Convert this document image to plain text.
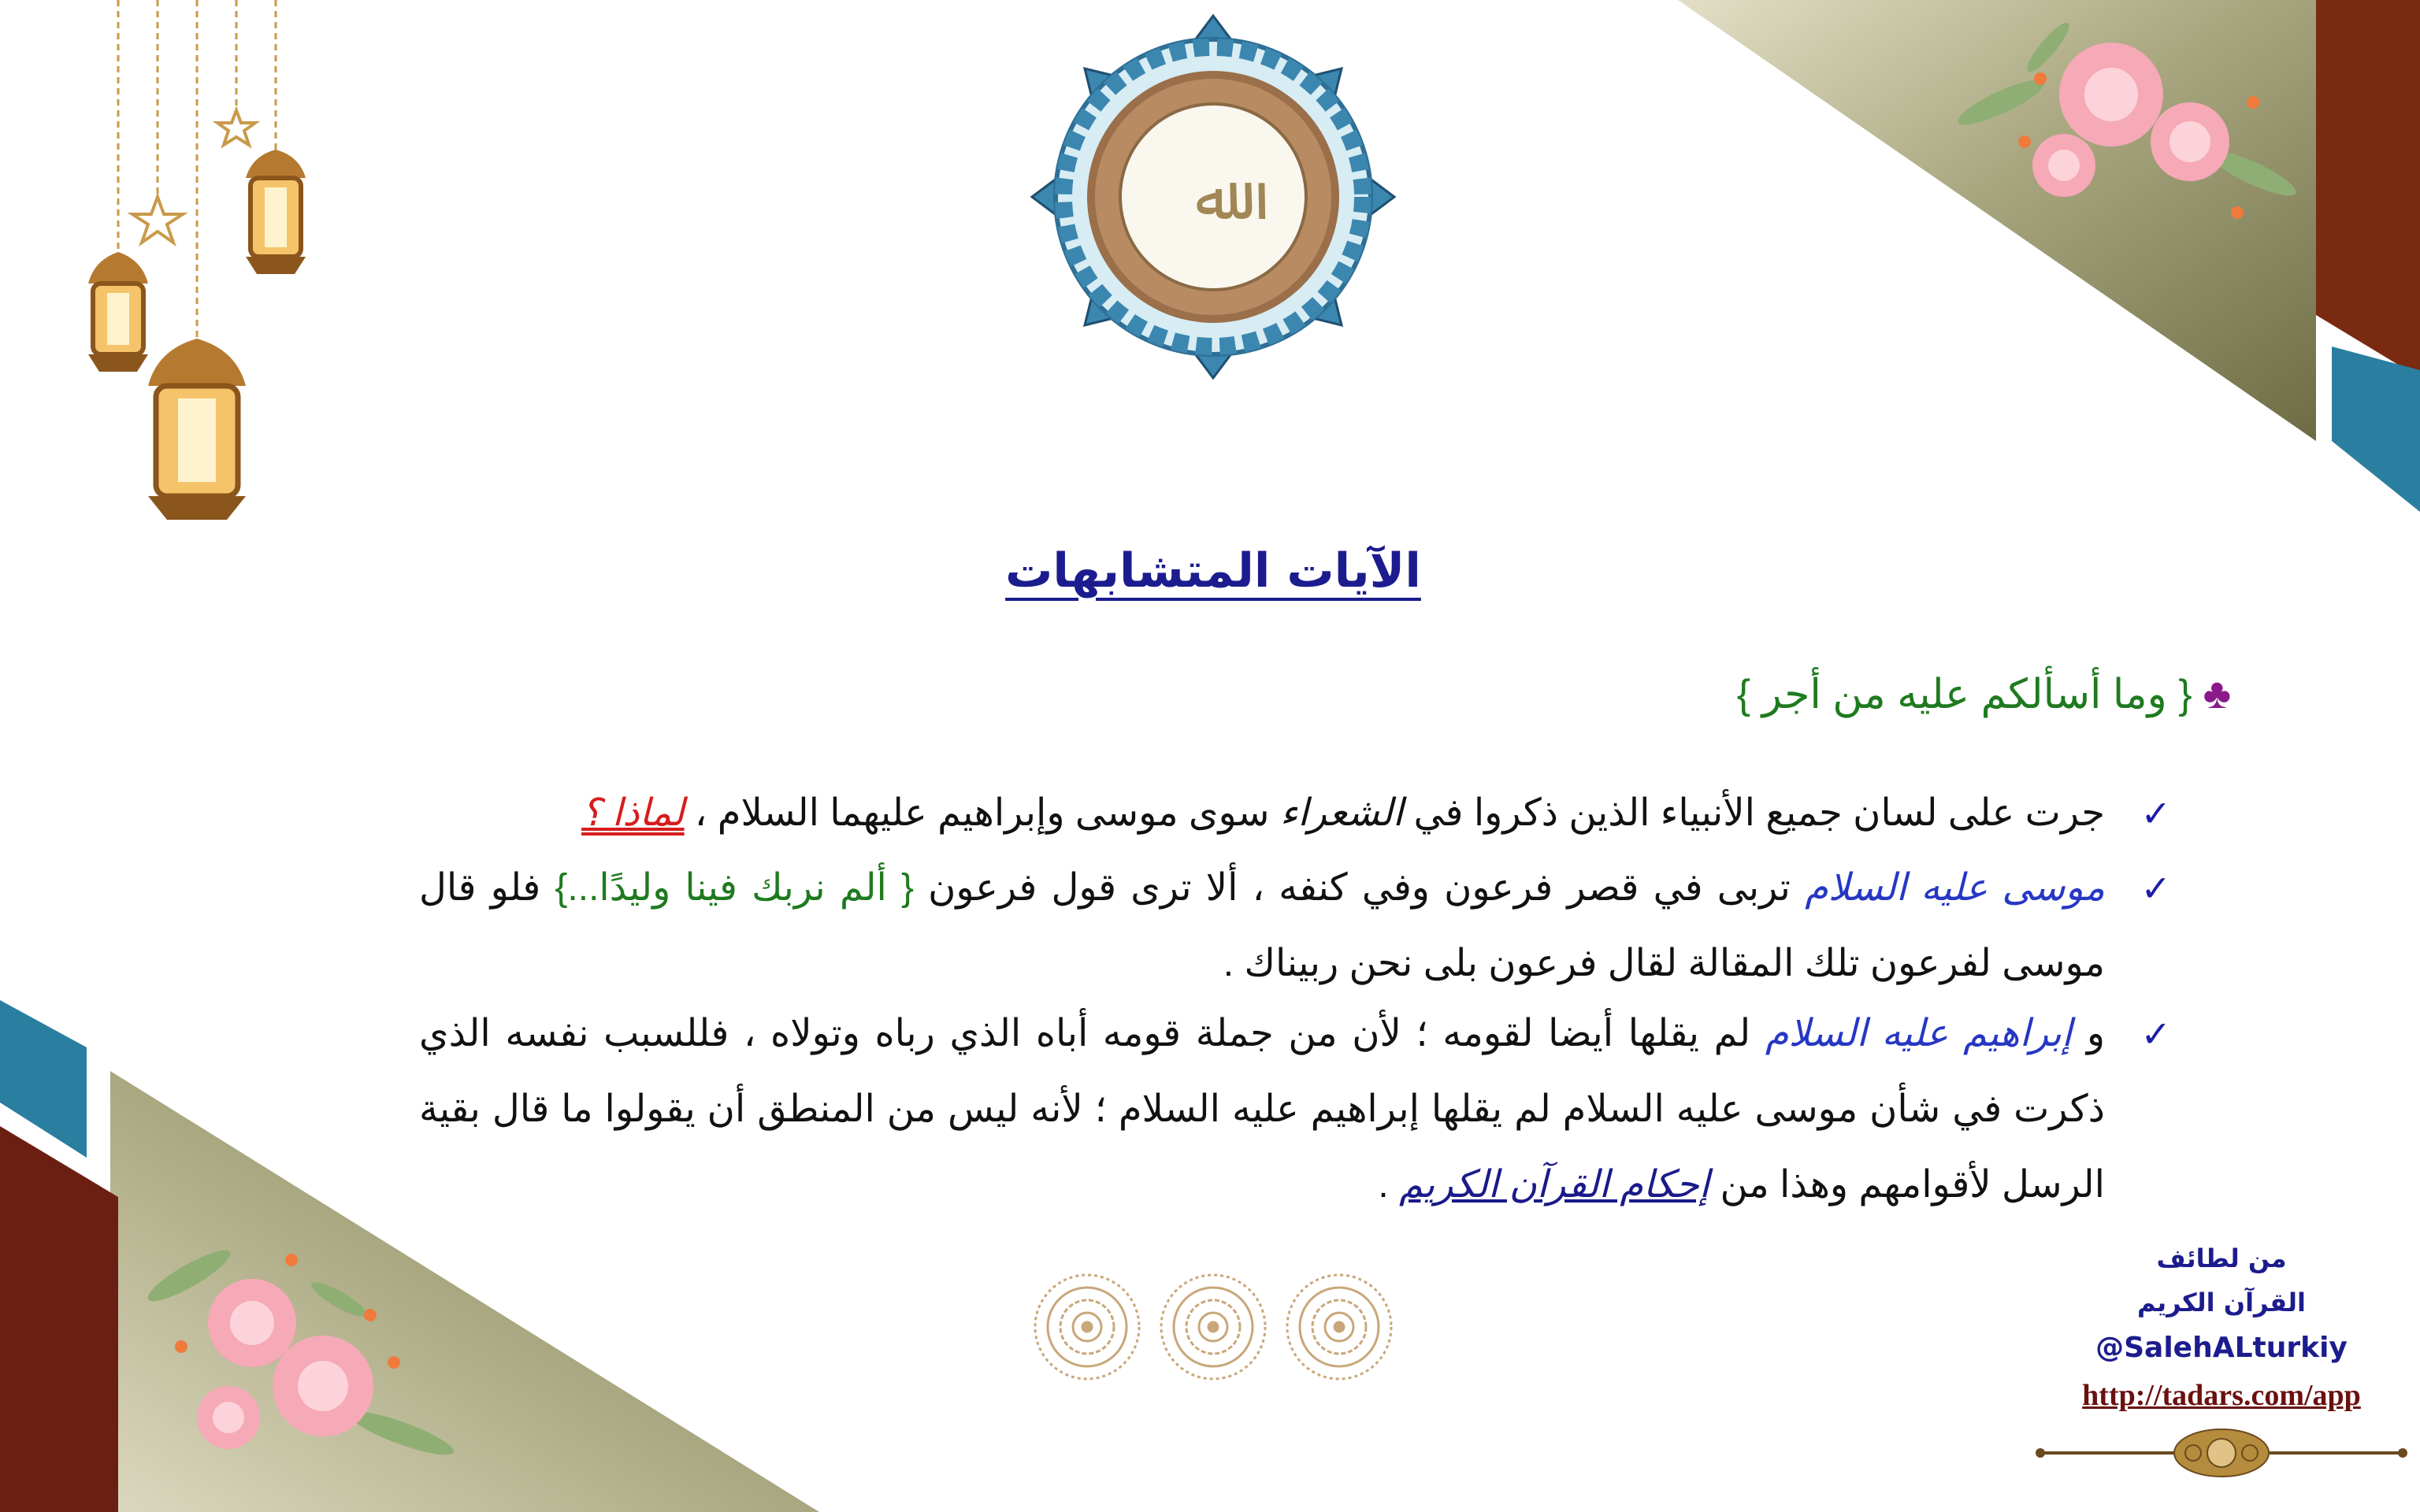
ﷲ
الآيات المتشابهات
♣{ وما أسألكم عليه من أجر }
✓
جرت على لسان جميع الأنبياء الذين ذكروا في الشعراء سوى موسى وإبراهيم عليهما السلام ، لماذا ؟
✓
موسى عليه السلام تربى في قصر فرعون وفي كنفه ، ألا ترى قول فرعون { ألم نربك فينا وليدًا...} فلو قال موسى لفرعون تلك المقالة لقال فرعون بلى نحن ربيناك .
✓
و إبراهيم عليه السلام لم يقلها أيضا لقومه ؛ لأن من جملة قومه أباه الذي رباه وتولاه ، فللسبب نفسه الذي ذكرت في شأن موسى عليه السلام لم يقلها إبراهيم عليه السلام ؛ لأنه ليس من المنطق أن يقولوا ما قال بقية الرسل لأقوامهم وهذا من إحكام القرآن الكريم .
من لطائف
القرآن الكريم
@SalehALturkiy
http://tadars.com/app
